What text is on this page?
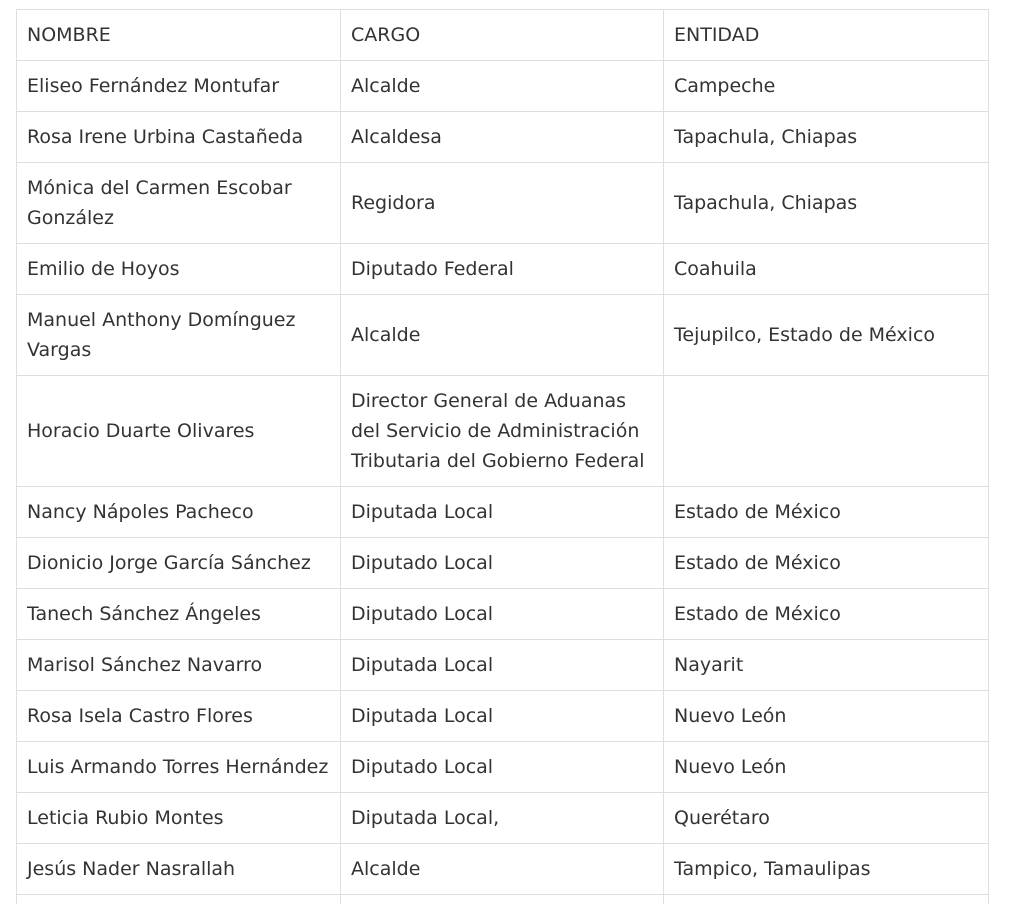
NOMBRE	CARGO	ENTIDAD
Eliseo Fernández Montufar	Alcalde	Campeche
Rosa Irene Urbina Castañeda	Alcaldesa	Tapachula, Chiapas
Mónica del Carmen Escobar González	Regidora	Tapachula, Chiapas
Emilio de Hoyos	Diputado Federal	Coahuila
Manuel Anthony Domínguez Vargas	Alcalde	Tejupilco, Estado de México
Horacio Duarte Olivares	Director General de Aduanas del Servicio de Administración Tributaria del Gobierno Federal	
Nancy Nápoles Pacheco	Diputada Local	Estado de México
Dionicio Jorge García Sánchez	Diputado Local	Estado de México
Tanech Sánchez Ángeles	Diputado Local	Estado de México
Marisol Sánchez Navarro	Diputada Local	Nayarit
Rosa Isela Castro Flores	Diputada Local	Nuevo León
Luis Armando Torres Hernández	Diputado Local	Nuevo León
Leticia Rubio Montes	Diputada Local,	Querétaro
Jesús Nader Nasrallah	Alcalde	Tampico, Tamaulipas
